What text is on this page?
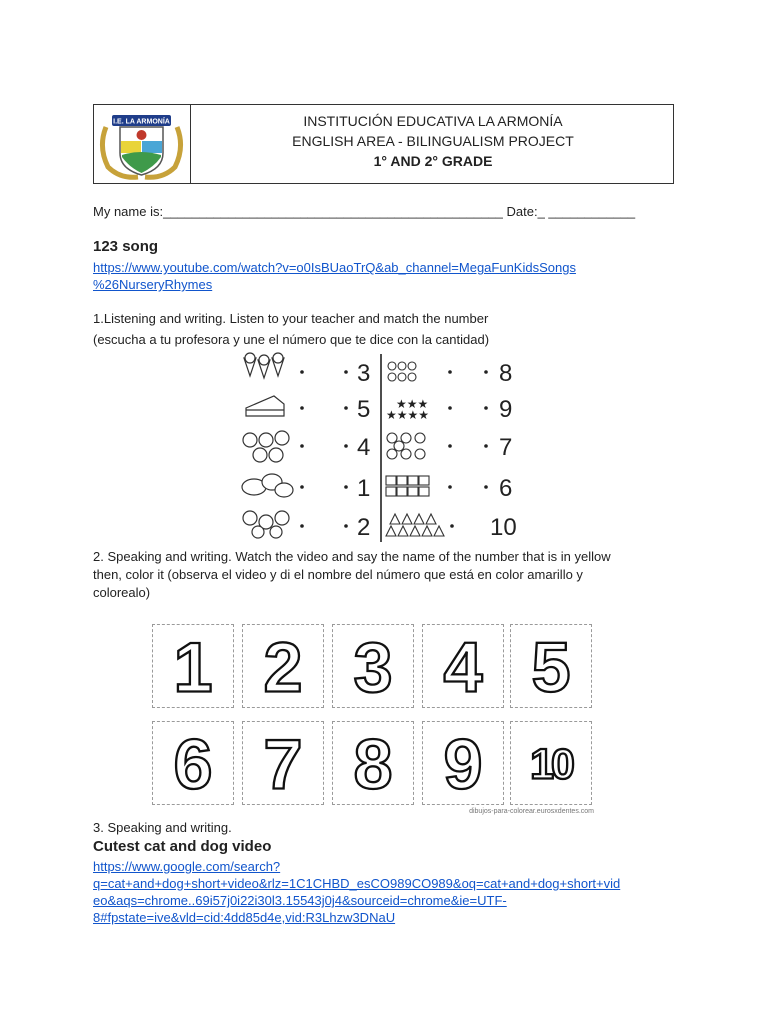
I.E. LA ARMONÍA	INSTITUCIÓN EDUCATIVA LA ARMONÍA
ENGLISH AREA - BILINGUALISM PROJECT
1° AND 2° GRADE
My name is:_______________________________________________ Date:_ ____________
123 song
https://www.youtube.com/watch?v=o0IsBUaoTrQ&ab_channel=MegaFunKidsSongs
%26NurseryRhymes
1.Listening and writing. Listen to your teacher and match the number
(escucha a tu profesora y une el número que te dice con la cantidad)
3
5
4
1
2
★★★
★★★★
8
9
7
6
10
2. Speaking and writing. Watch the video and say the name of the number that is in yellow
then, color it (observa el video y di el nombre del número que está en color amarillo y
colorealo)
1 2 3 4 5
6 7 8 9 10
dibujos-para-colorear.eurosxdentes.com
3. Speaking and writing.
Cutest cat and dog video
https://www.google.com/search?
q=cat+and+dog+short+video&rlz=1C1CHBD_esCO989CO989&oq=cat+and+dog+short+vid
eo&aqs=chrome..69i57j0i22i30l3.15543j0j4&sourceid=chrome&ie=UTF-
8#fpstate=ive&vld=cid:4dd85d4e,vid:R3Lhzw3DNaU
